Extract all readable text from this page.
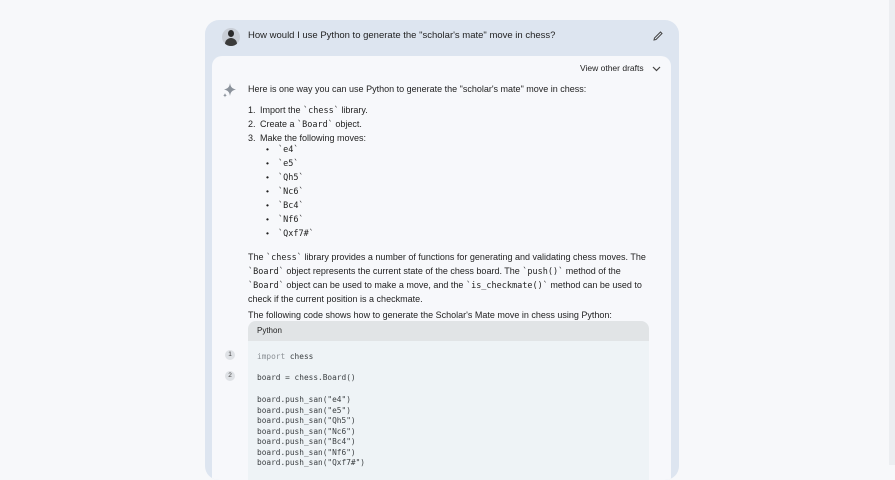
How would I use Python to generate the "scholar's mate" move in chess?
View other drafts

Here is one way you can use Python to generate the "scholar's mate" move in chess:

1. Import the `chess` library.
2. Create a `Board` object.
3. Make the following moves:
• `e4`
• `e5`
• `Qh5`
• `Nc6`
• `Bc4`
• `Nf6`
• `Qxf7#`

The `chess` library provides a number of functions for generating and validating chess moves. The `Board` object represents the current state of the chess board. The `push()` method of the `Board` object can be used to make a move, and the `is_checkmate()` method can be used to check if the current position is a checkmate.

The following code shows how to generate the Scholar's Mate move in chess using Python:

Python
import chess
board = chess.Board()
board.push_san("e4")
board.push_san("e5")
board.push_san("Qh5")
board.push_san("Nc6")
board.push_san("Bc4")
board.push_san("Nf6")
board.push_san("Qxf7#")
1
2
